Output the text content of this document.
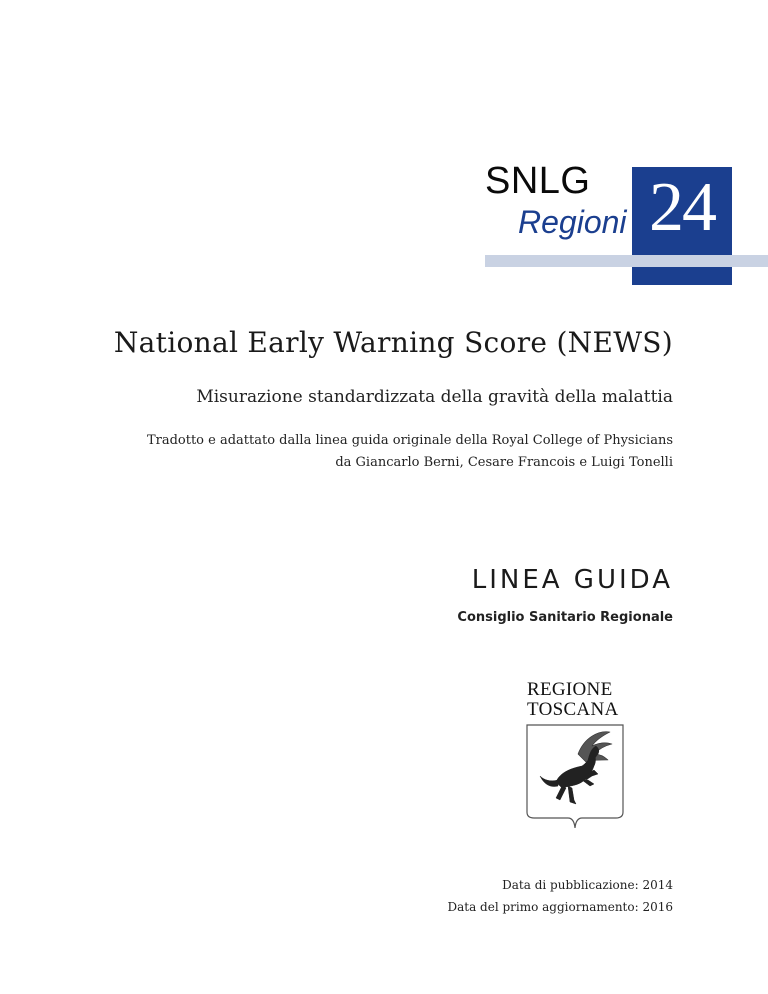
SNLG
Regioni 24
National Early Warning Score (NEWS)
Misurazione standardizzata della gravità della malattia
Tradotto e adattato dalla linea guida originale della Royal College of Physicians
da Giancarlo Berni, Cesare Francois e Luigi Tonelli
LINEA GUIDA
Consiglio Sanitario Regionale
REGIONE
TOSCANA
Data di pubblicazione: 2014
Data del primo aggiornamento: 2016
